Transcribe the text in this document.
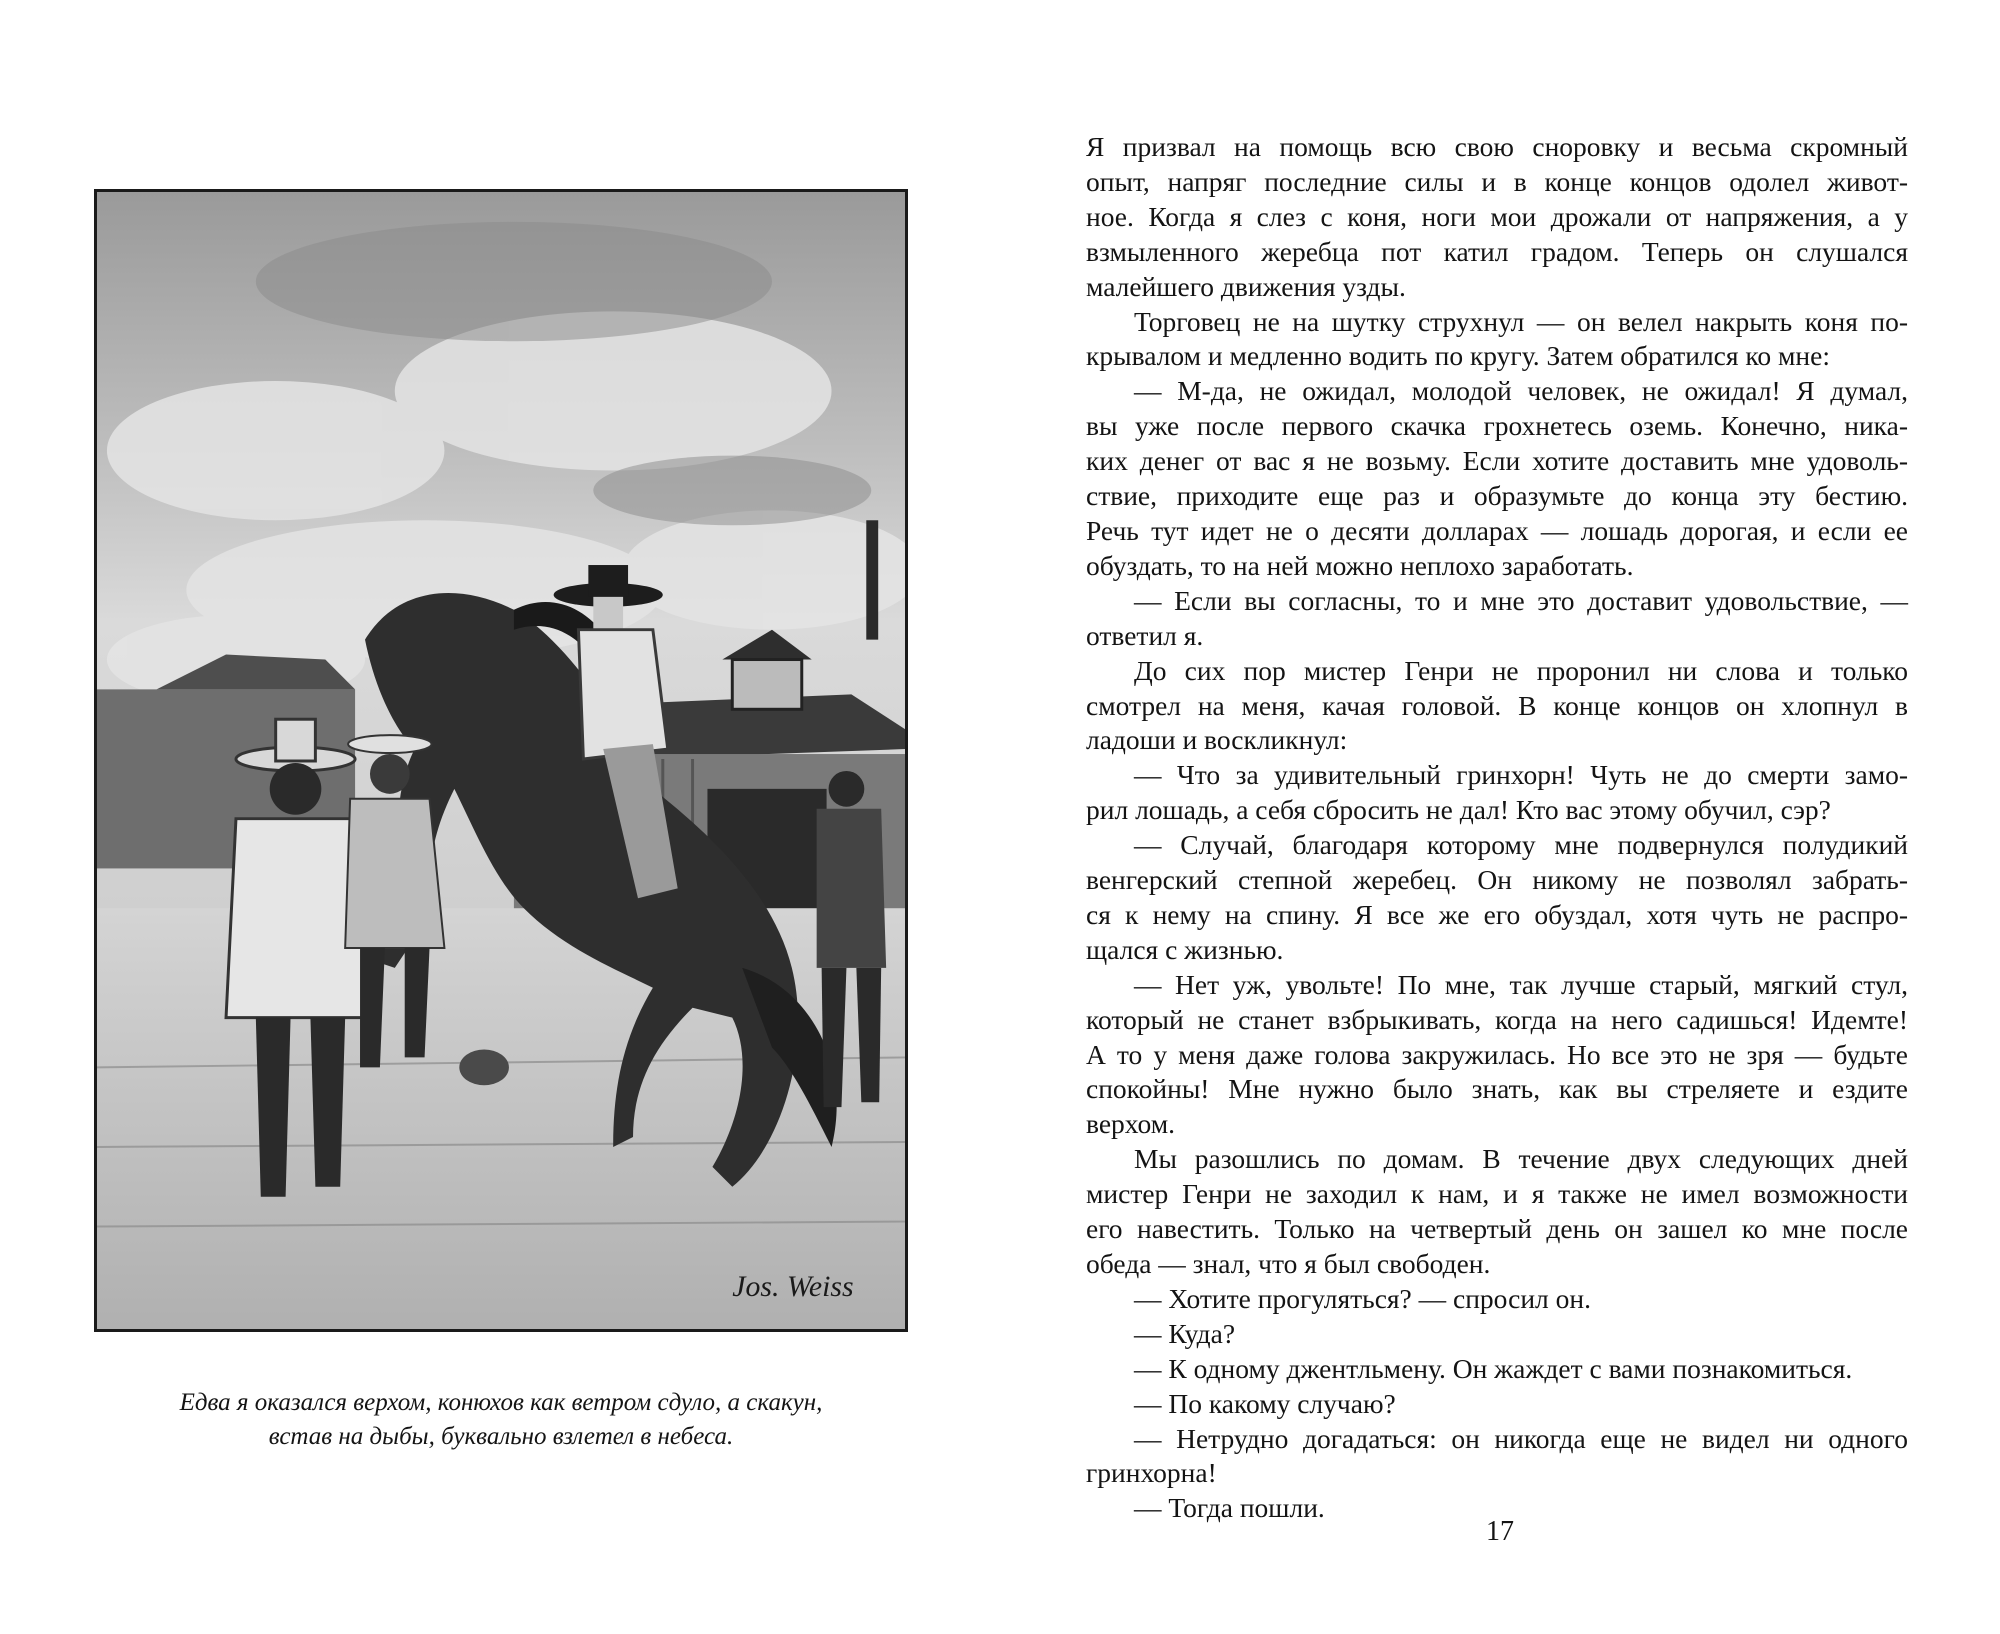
Jos. Weiss

Едва я оказался верхом, конюхов как ветром сдуло, а скакун,

встав на дыбы, буквально взлетел в небеса.

Я призвал на помощь всю свою сноровку и весьма скромный
опыт, напряг последние силы и в конце концов одолел живот-
ное. Когда я слез с коня, ноги мои дрожали от напряжения, а у
взмыленного жеребца пот катил градом. Теперь он слушался
малейшего движения узды.
Торговец не на шутку струхнул — он велел накрыть коня по-
крывалом и медленно водить по кругу. Затем обратился ко мне:
— М-да, не ожидал, молодой человек, не ожидал! Я думал,
вы уже после первого скачка грохнетесь оземь. Конечно, ника-
ких денег от вас я не возьму. Если хотите доставить мне удоволь-
ствие, приходите еще раз и образумьте до конца эту бестию.
Речь тут идет не о десяти долларах — лошадь дорогая, и если ее
обуздать, то на ней можно неплохо заработать.
— Если вы согласны, то и мне это доставит удовольствие, —
ответил я.
До сих пор мистер Генри не проронил ни слова и только
смотрел на меня, качая головой. В конце концов он хлопнул в
ладоши и воскликнул:
— Что за удивительный гринхорн! Чуть не до смерти замо-
рил лошадь, а себя сбросить не дал! Кто вас этому обучил, сэр?
— Случай, благодаря которому мне подвернулся полудикий
венгерский степной жеребец. Он никому не позволял забрать-
ся к нему на спину. Я все же его обуздал, хотя чуть не распро-
щался с жизнью.
— Нет уж, увольте! По мне, так лучше старый, мягкий стул,
который не станет взбрыкивать, когда на него садишься! Идемте!
А то у меня даже голова закружилась. Но все это не зря — будьте
спокойны! Мне нужно было знать, как вы стреляете и ездите
верхом.
Мы разошлись по домам. В течение двух следующих дней
мистер Генри не заходил к нам, и я также не имел возможности
его навестить. Только на четвертый день он зашел ко мне после
обеда — знал, что я был свободен.
— Хотите прогуляться? — спросил он.
— Куда?
— К одному джентльмену. Он жаждет с вами познакомиться.
— По какому случаю?
— Нетрудно догадаться: он никогда еще не видел ни одного
гринхорна!
— Тогда пошли.
17
